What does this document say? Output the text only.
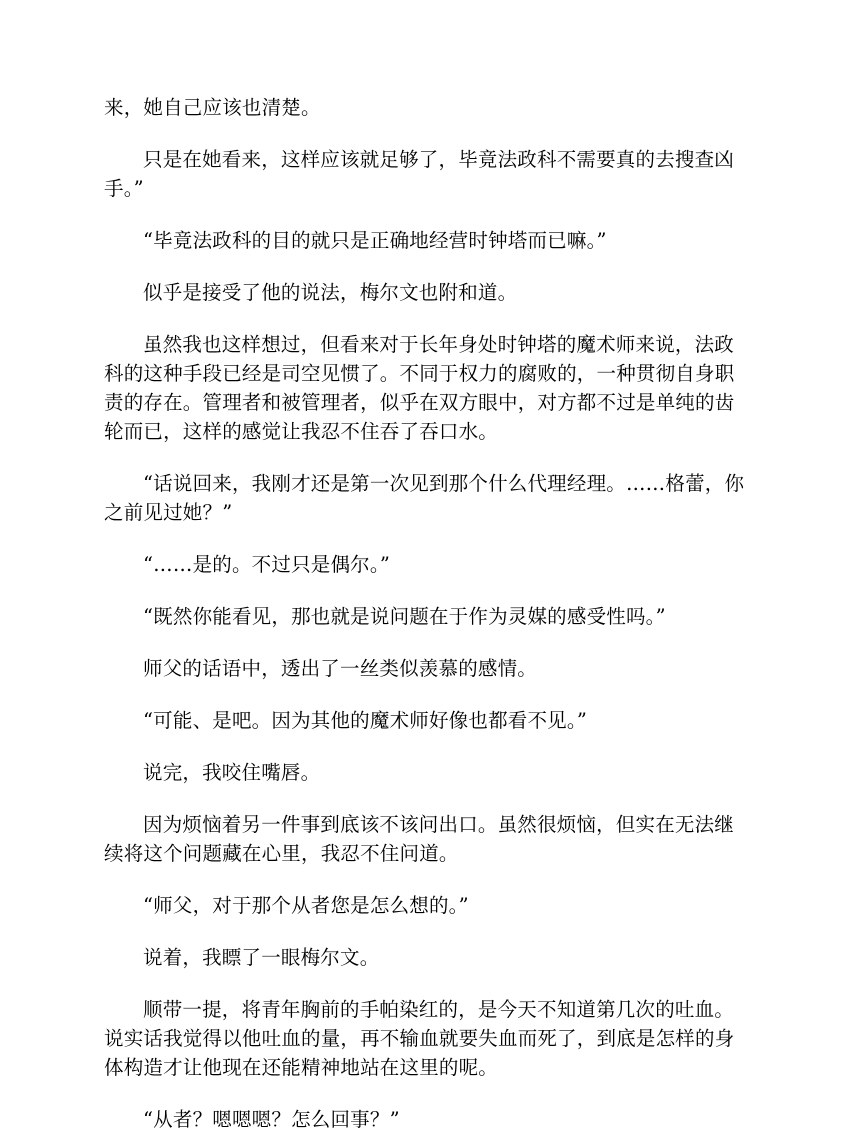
来，她自己应该也清楚。

只是在她看来，这样应该就足够了，毕竟法政科不需要真的去搜查凶手。”

“毕竟法政科的目的就只是正确地经营时钟塔而已嘛。”

似乎是接受了他的说法，梅尔文也附和道。

虽然我也这样想过，但看来对于长年身处时钟塔的魔术师来说，法政科的这种手段已经是司空见惯了。不同于权力的腐败的，一种贯彻自身职责的存在。管理者和被管理者，似乎在双方眼中，对方都不过是单纯的齿轮而已，这样的感觉让我忍不住吞了吞口水。

“话说回来，我刚才还是第一次见到那个什么代理经理。……格蕾，你之前见过她？”

“……是的。不过只是偶尔。”

“既然你能看见，那也就是说问题在于作为灵媒的感受性吗。”

师父的话语中，透出了一丝类似羡慕的感情。

“可能、是吧。因为其他的魔术师好像也都看不见。”

说完，我咬住嘴唇。

因为烦恼着另一件事到底该不该问出口。虽然很烦恼，但实在无法继续将这个问题藏在心里，我忍不住问道。

“师父，对于那个从者您是怎么想的。”

说着，我瞟了一眼梅尔文。

顺带一提，将青年胸前的手帕染红的，是今天不知道第几次的吐血。说实话我觉得以他吐血的量，再不输血就要失血而死了，到底是怎样的身体构造才让他现在还能精神地站在这里的呢。

“从者？嗯嗯嗯？怎么回事？”
